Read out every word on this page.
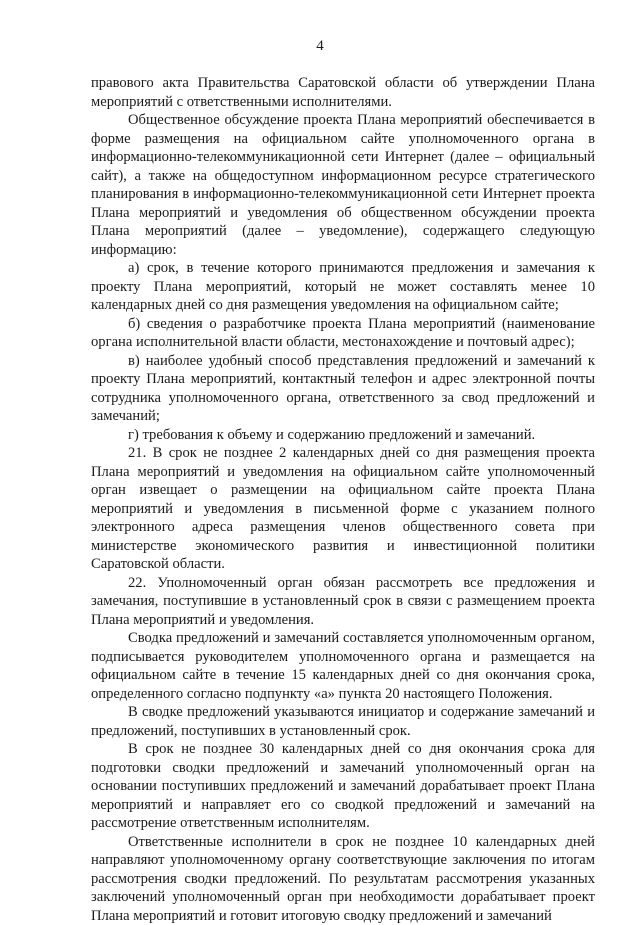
4

правового акта Правительства Саратовской области об утверждении Плана мероприятий с ответственными исполнителями.

Общественное обсуждение проекта Плана мероприятий обеспечивается в форме размещения на официальном сайте уполномоченного органа в информационно-телекоммуникационной сети Интернет (далее – официальный сайт), а также на общедоступном информационном ресурсе стратегического планирования в информационно-телекоммуникационной сети Интернет проекта Плана мероприятий и уведомления об общественном обсуждении проекта Плана мероприятий (далее – уведомление), содержащего следующую информацию:

а) срок, в течение которого принимаются предложения и замечания к проекту Плана мероприятий, который не может составлять менее 10 календарных дней со дня размещения уведомления на официальном сайте;

б) сведения о разработчике проекта Плана мероприятий (наименование органа исполнительной власти области, местонахождение и почтовый адрес);

в) наиболее удобный способ представления предложений и замечаний к проекту Плана мероприятий, контактный телефон и адрес электронной почты сотрудника уполномоченного органа, ответственного за свод предложений и замечаний;

г) требования к объему и содержанию предложений и замечаний.

21. В срок не позднее 2 календарных дней со дня размещения проекта Плана мероприятий и уведомления на официальном сайте уполномоченный орган извещает о размещении на официальном сайте проекта Плана мероприятий и уведомления в письменной форме с указанием полного электронного адреса размещения членов общественного совета при министерстве экономического развития и инвестиционной политики Саратовской области.

22. Уполномоченный орган обязан рассмотреть все предложения и замечания, поступившие в установленный срок в связи с размещением проекта Плана мероприятий и уведомления.

Сводка предложений и замечаний составляется уполномоченным органом, подписывается руководителем уполномоченного органа и размещается на официальном сайте в течение 15 календарных дней со дня окончания срока, определенного согласно подпункту «а» пункта 20 настоящего Положения.

В сводке предложений указываются инициатор и содержание замечаний и предложений, поступивших в установленный срок.

В срок не позднее 30 календарных дней со дня окончания срока для подготовки сводки предложений и замечаний уполномоченный орган на основании поступивших предложений и замечаний дорабатывает проект Плана мероприятий и направляет его со сводкой предложений и замечаний на рассмотрение ответственным исполнителям.

Ответственные исполнители в срок не позднее 10 календарных дней направляют уполномоченному органу соответствующие заключения по итогам рассмотрения сводки предложений. По результатам рассмотрения указанных заключений уполномоченный орган при необходимости дорабатывает проект Плана мероприятий и готовит итоговую сводку предложений и замечаний
